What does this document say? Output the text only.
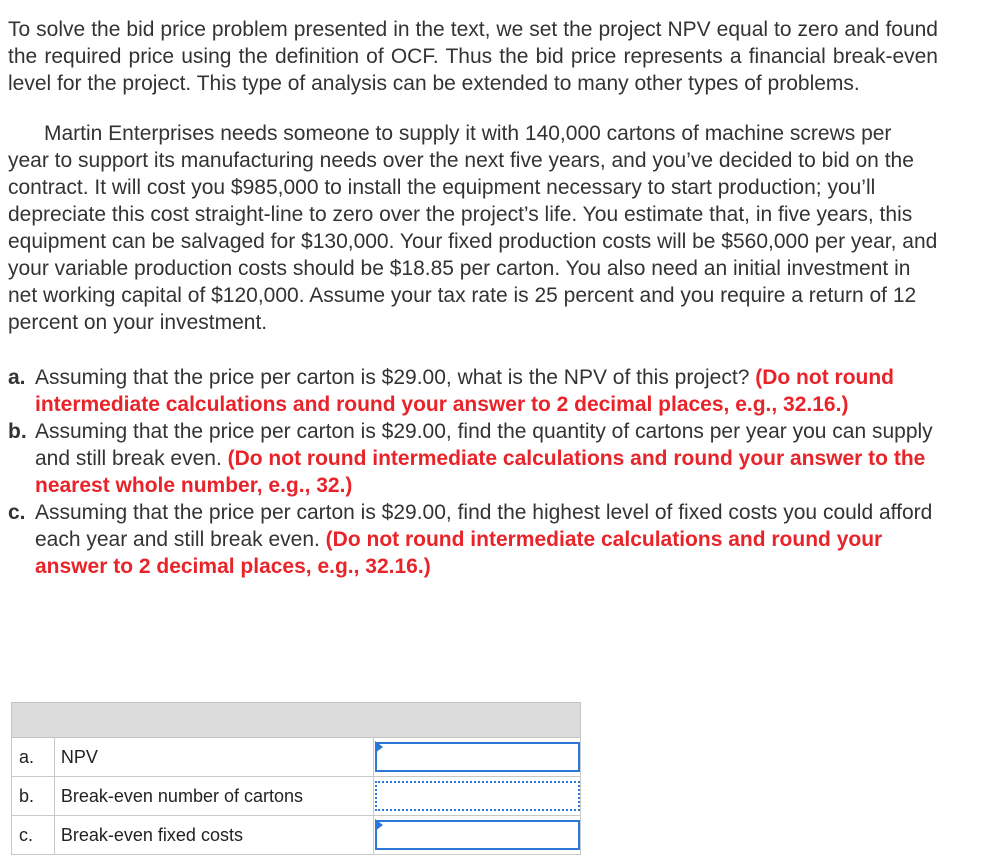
To solve the bid price problem presented in the text, we set the project NPV equal to zero and found the required price using the definition of OCF. Thus the bid price represents a financial break-even level for the project. This type of analysis can be extended to many other types of problems.

Martin Enterprises needs someone to supply it with 140,000 cartons of machine screws per year to support its manufacturing needs over the next five years, and you’ve decided to bid on the contract. It will cost you $985,000 to install the equipment necessary to start production; you’ll depreciate this cost straight-line to zero over the project’s life. You estimate that, in five years, this equipment can be salvaged for $130,000. Your fixed production costs will be $560,000 per year, and your variable production costs should be $18.85 per carton. You also need an initial investment in net working capital of $120,000. Assume your tax rate is 25 percent and you require a return of 12 percent on your investment.

a. Assuming that the price per carton is $29.00, what is the NPV of this project? (Do not round intermediate calculations and round your answer to 2 decimal places, e.g., 32.16.)
b. Assuming that the price per carton is $29.00, find the quantity of cartons per year you can supply and still break even. (Do not round intermediate calculations and round your answer to the nearest whole number, e.g., 32.)
c. Assuming that the price per carton is $29.00, find the highest level of fixed costs you could afford each year and still break even. (Do not round intermediate calculations and round your answer to 2 decimal places, e.g., 32.16.)

a.	NPV	

b.	Break-even number of cartons	

c.	Break-even fixed costs	
